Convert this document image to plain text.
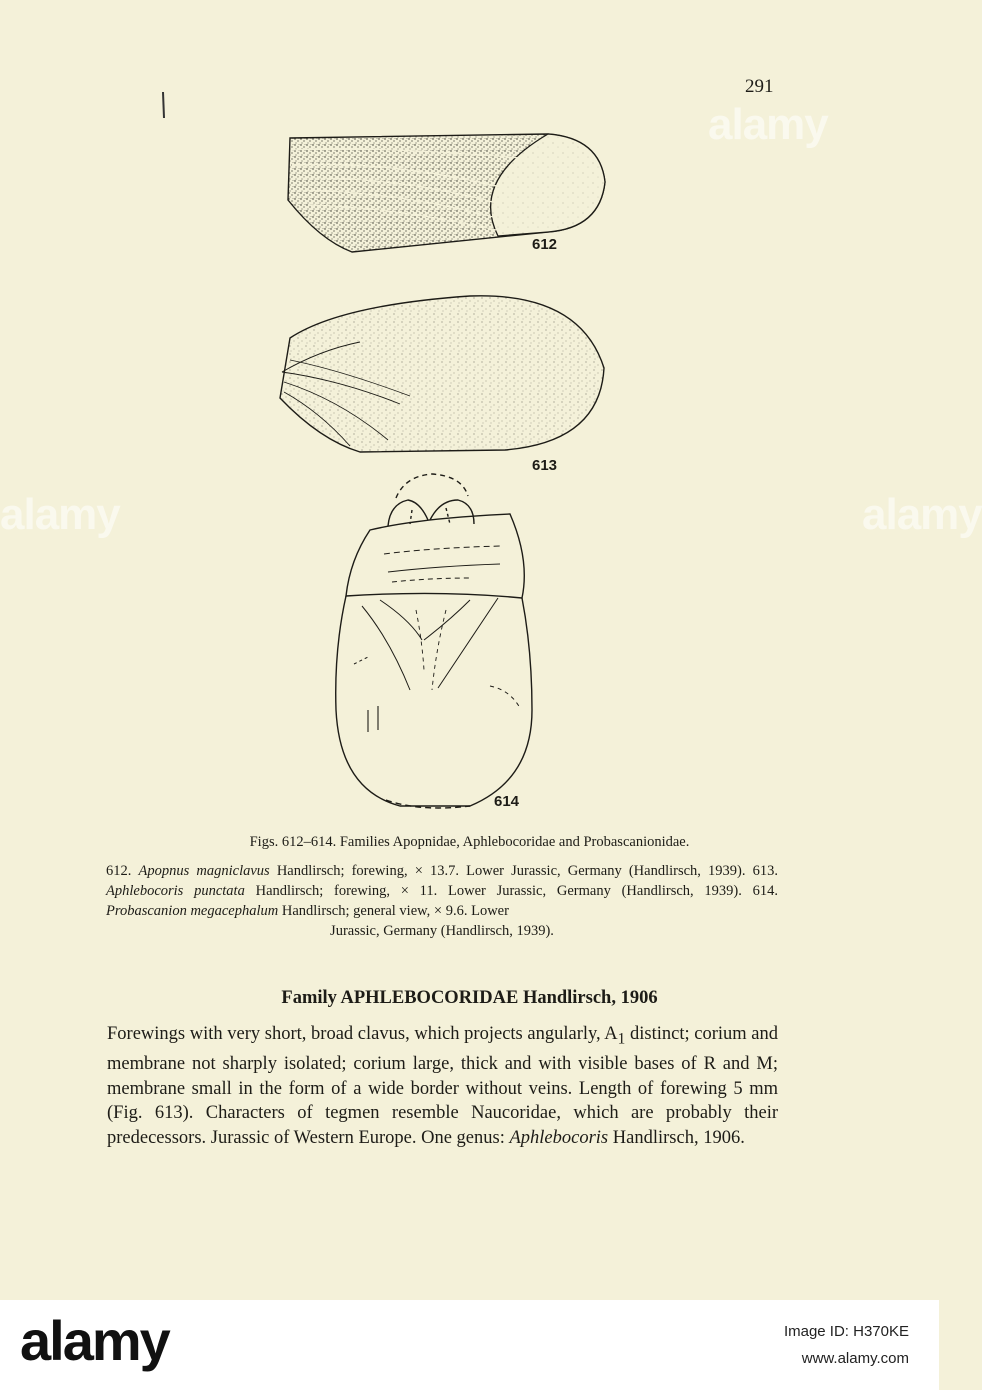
291
612
613
614
Figs. 612–614. Families Apopnidae, Aphlebocoridae and Probascanionidae.
612. Apopnus magniclavus Handlirsch; forewing, × 13.7. Lower Jurassic, Germany (Handlirsch, 1939). 613. Aphlebocoris punctata Handlirsch; forewing, × 11. Lower Jurassic, Germany (Handlirsch, 1939). 614. Probascanion megacephalum Handlirsch; general view, × 9.6. Lower
Jurassic, Germany (Handlirsch, 1939).
Family APHLEBOCORIDAE Handlirsch, 1906
Forewings with very short, broad clavus, which projects angularly, $A_1$ distinct; corium and membrane not sharply isolated; corium large, thick and with visible bases of R and M; membrane small in the form of a wide border without veins. Length of forewing 5 mm (Fig. 613). Characters of tegmen resemble Naucoridae, which are probably their predecessors. Jurassic of Western Europe. One genus: Aphlebocoris Handlirsch, 1906.
alamy
alamy	alamy
alamy	Image ID: H370KE
www.alamy.com
